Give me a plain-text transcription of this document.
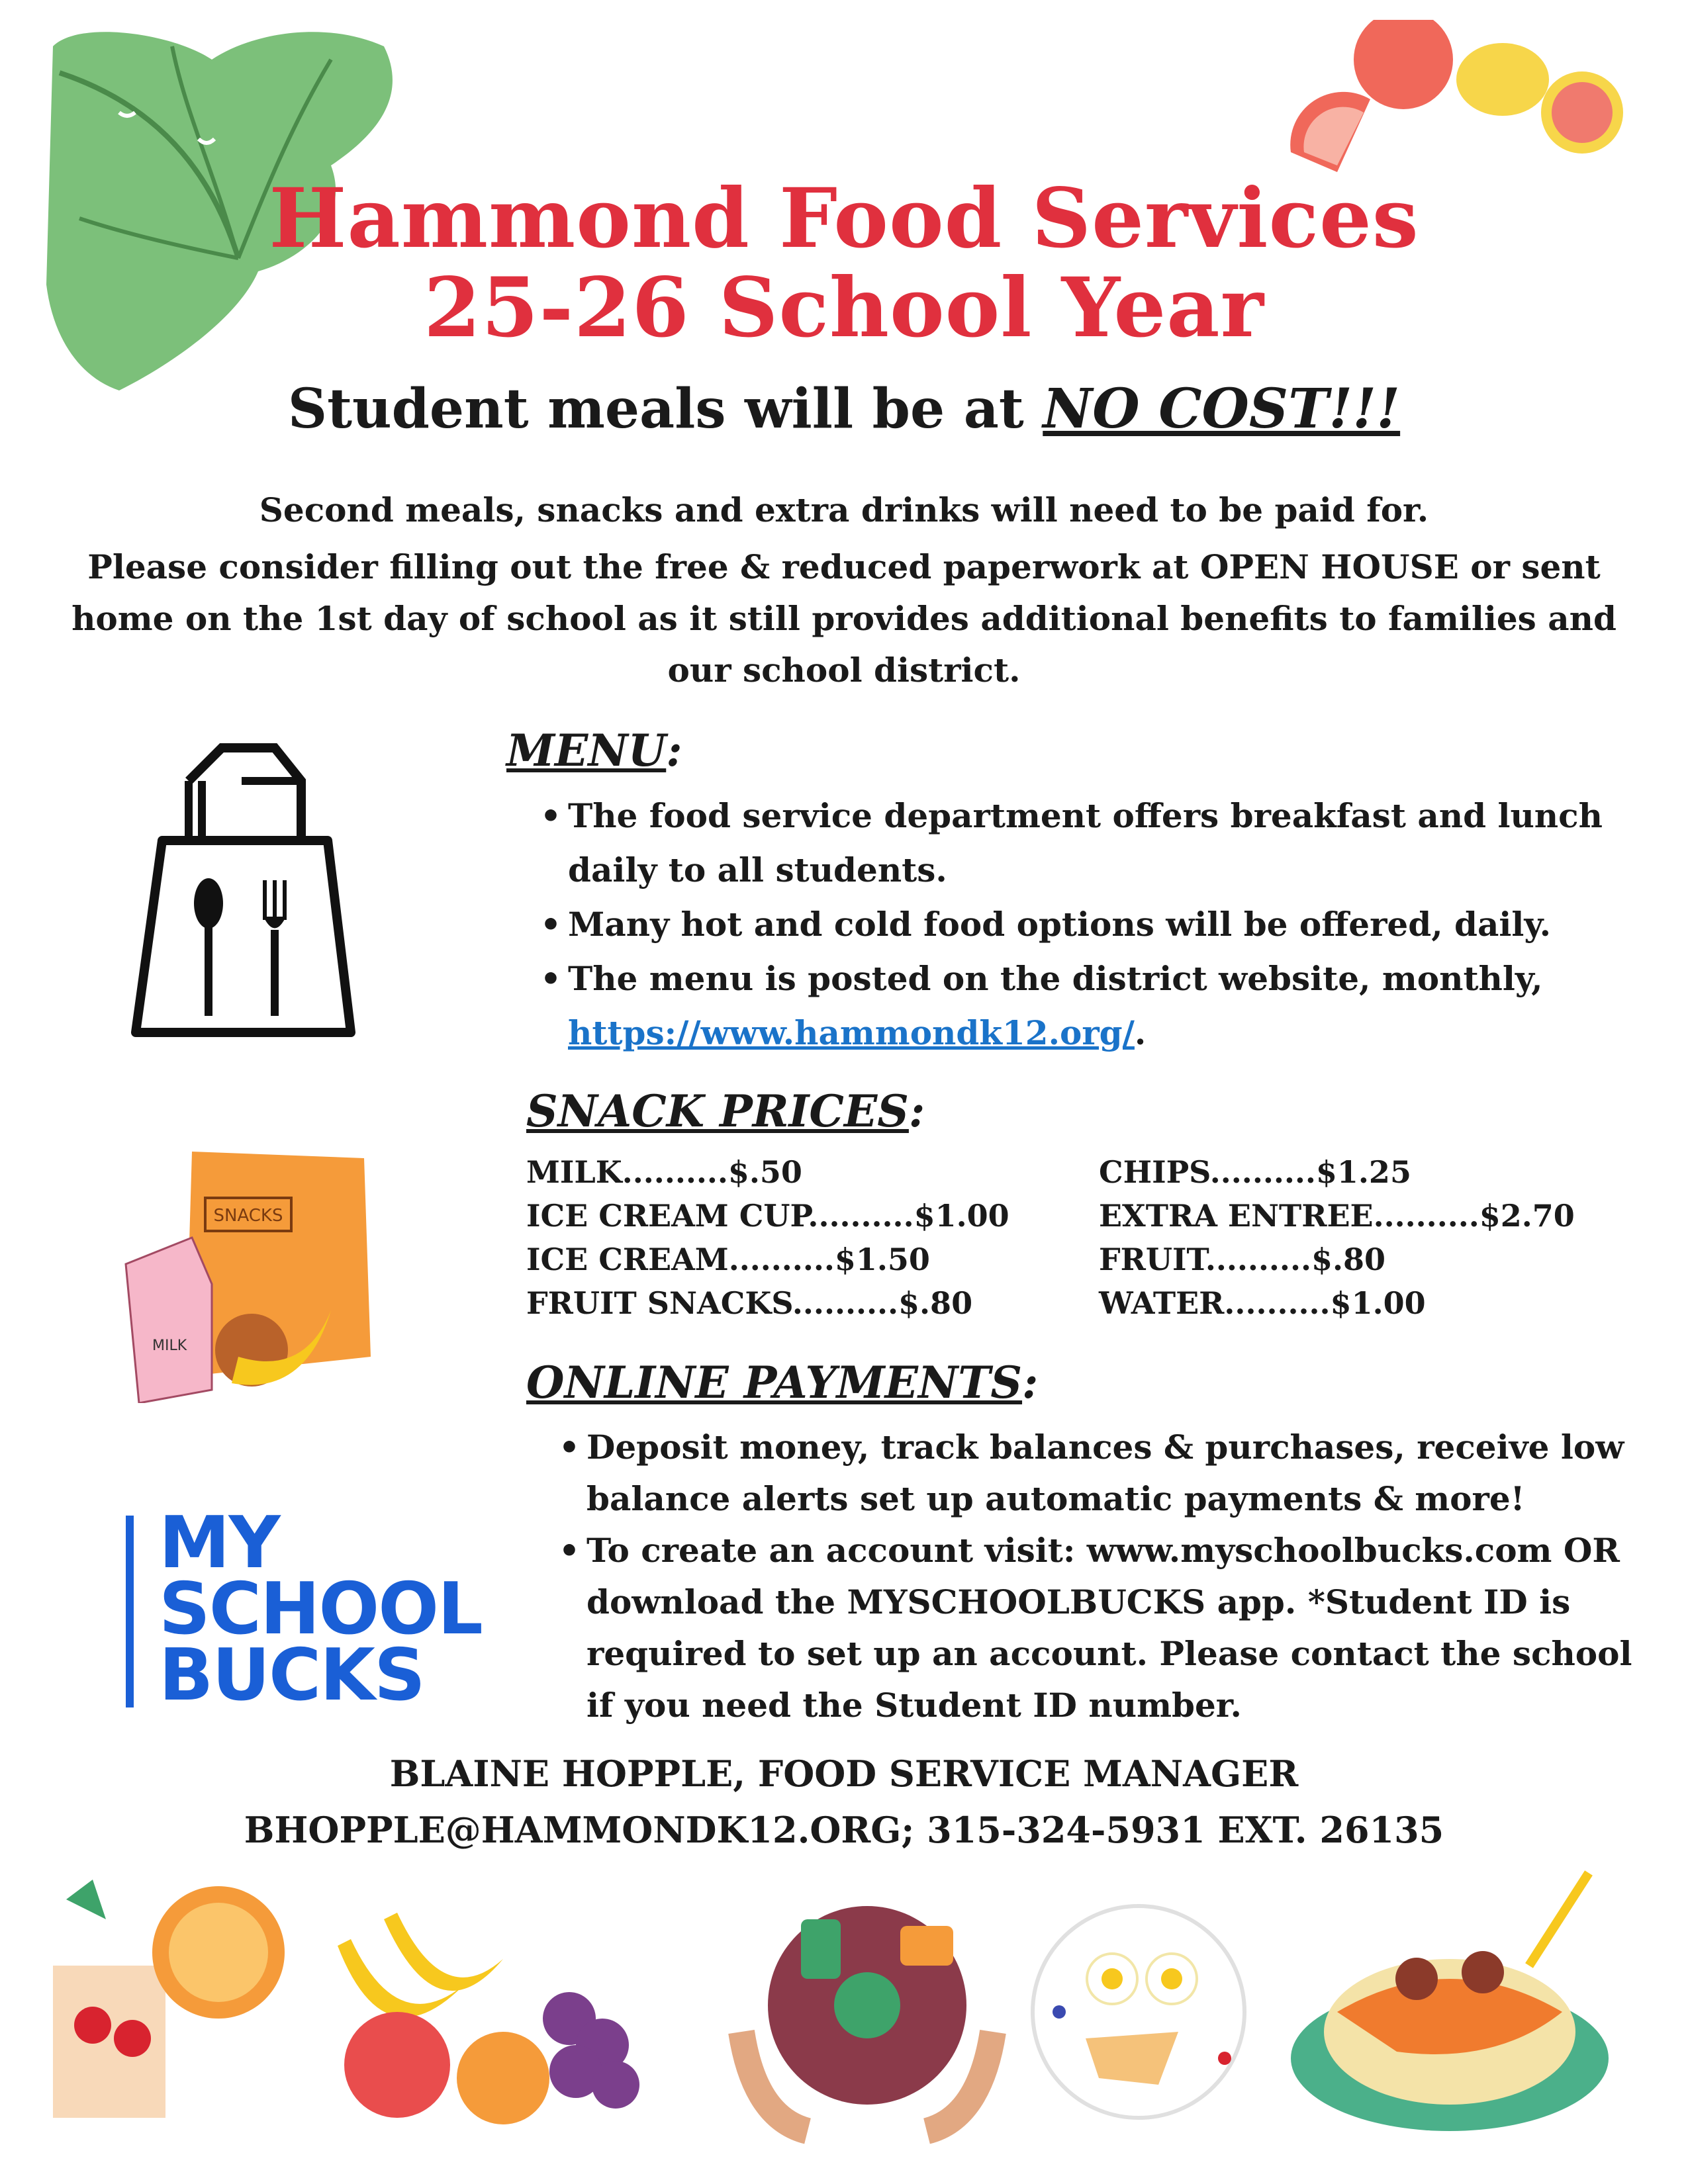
Hammond Food Services
25-26 School Year
Student meals will be at NO COST!!!
Second meals, snacks and extra drinks will need to be paid for.
Please consider filling out the free & reduced paperwork at OPEN HOUSE or sent home on the 1st day of school as it still provides additional benefits to families and our school district.
SNACKS
MILK
MY
SCHOOL
BUCKS
MENU:
• The food service department offers breakfast and lunch daily to all students.
• Many hot and cold food options will be offered, daily.
• The menu is posted on the district website, monthly, https://www.hammondk12.org/.
SNACK PRICES:
MILK..........$.50
ICE CREAM CUP..........$1.00
ICE CREAM..........$1.50
FRUIT SNACKS..........$.80
CHIPS..........$1.25
EXTRA ENTREE..........$2.70
FRUIT..........$.80
WATER..........$1.00
ONLINE PAYMENTS:
• Deposit money, track balances & purchases, receive low balance alerts set up automatic payments & more!
• To create an account visit: www.myschoolbucks.com OR download the MYSCHOOLBUCKS app. *Student ID is required to set up an account. Please contact the school if you need the Student ID number.
BLAINE HOPPLE, FOOD SERVICE MANAGER
BHOPPLE@HAMMONDK12.ORG; 315-324-5931 EXT. 26135
